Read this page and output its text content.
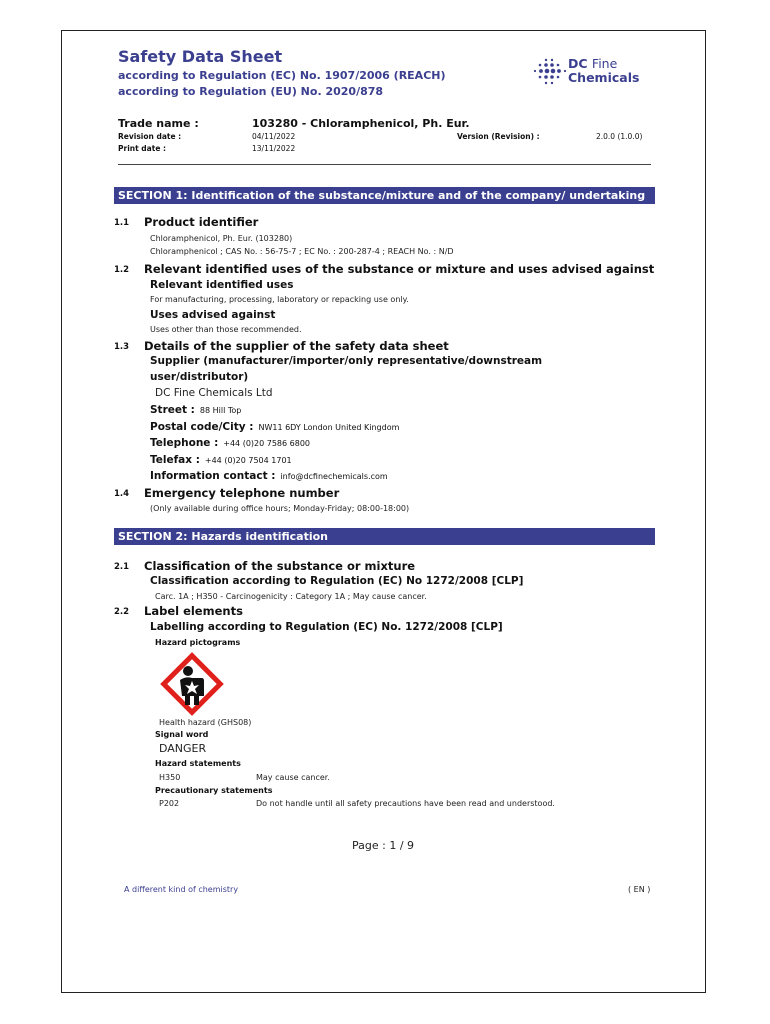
Safety Data Sheet
according to Regulation (EC) No. 1907/2006 (REACH)
according to Regulation (EU) No. 2020/878
DC Fine
Chemicals
Trade name :	103280 - Chloramphenicol, Ph. Eur.
Revision date :	04/11/2022	Version (Revision) :	2.0.0 (1.0.0)
Print date :	13/11/2022
SECTION 1: Identification of the substance/mixture and of the company/ undertaking
1.1 Product identifier
Chloramphenicol, Ph. Eur. (103280)
Chloramphenicol ; CAS No. : 56-75-7 ; EC No. : 200-287-4 ; REACH No. : N/D
1.2 Relevant identified uses of the substance or mixture and uses advised against
Relevant identified uses
For manufacturing, processing, laboratory or repacking use only.
Uses advised against
Uses other than those recommended.
1.3 Details of the supplier of the safety data sheet
Supplier (manufacturer/importer/only representative/downstream
user/distributor)
DC Fine Chemicals Ltd
Street : 88 Hill Top
Postal code/City : NW11 6DY London United Kingdom
Telephone : +44 (0)20 7586 6800
Telefax : +44 (0)20 7504 1701
Information contact : info@dcfinechemicals.com
1.4 Emergency telephone number
(Only available during office hours; Monday-Friday; 08:00-18:00)
SECTION 2: Hazards identification
2.1 Classification of the substance or mixture
Classification according to Regulation (EC) No 1272/2008 [CLP]
Carc. 1A ; H350 - Carcinogenicity : Category 1A ; May cause cancer.
2.2 Label elements
Labelling according to Regulation (EC) No. 1272/2008 [CLP]
Hazard pictograms
Health hazard (GHS08)
Signal word
DANGER
Hazard statements
H350	May cause cancer.
Precautionary statements
P202	Do not handle until all safety precautions have been read and understood.
Page : 1 / 9
A different kind of chemistry	( EN )
